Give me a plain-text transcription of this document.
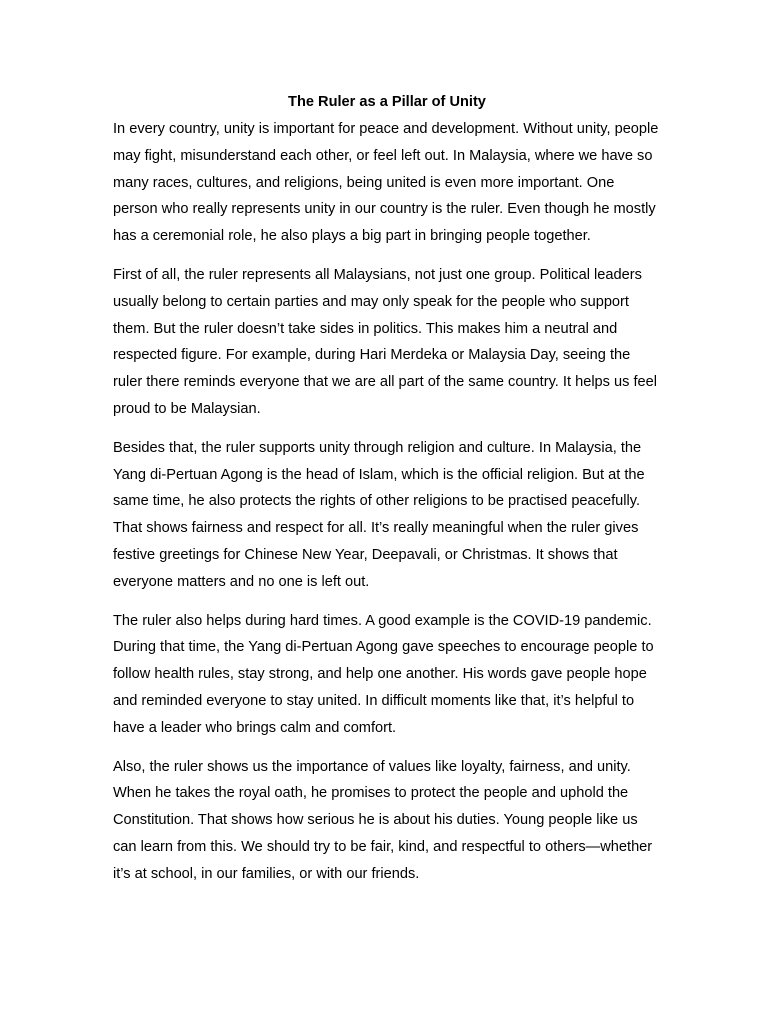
The Ruler as a Pillar of Unity

In every country, unity is important for peace and development. Without unity, people may fight, misunderstand each other, or feel left out. In Malaysia, where we have so many races, cultures, and religions, being united is even more important. One person who really represents unity in our country is the ruler. Even though he mostly has a ceremonial role, he also plays a big part in bringing people together.

First of all, the ruler represents all Malaysians, not just one group. Political leaders usually belong to certain parties and may only speak for the people who support them. But the ruler doesn’t take sides in politics. This makes him a neutral and respected figure. For example, during Hari Merdeka or Malaysia Day, seeing the ruler there reminds everyone that we are all part of the same country. It helps us feel proud to be Malaysian.

Besides that, the ruler supports unity through religion and culture. In Malaysia, the Yang di-Pertuan Agong is the head of Islam, which is the official religion. But at the same time, he also protects the rights of other religions to be practised peacefully. That shows fairness and respect for all. It’s really meaningful when the ruler gives festive greetings for Chinese New Year, Deepavali, or Christmas. It shows that everyone matters and no one is left out.

The ruler also helps during hard times. A good example is the COVID-19 pandemic. During that time, the Yang di-Pertuan Agong gave speeches to encourage people to follow health rules, stay strong, and help one another. His words gave people hope and reminded everyone to stay united. In difficult moments like that, it’s helpful to have a leader who brings calm and comfort.

Also, the ruler shows us the importance of values like loyalty, fairness, and unity. When he takes the royal oath, he promises to protect the people and uphold the Constitution. That shows how serious he is about his duties. Young people like us can learn from this. We should try to be fair, kind, and respectful to others—whether it’s at school, in our families, or with our friends.
